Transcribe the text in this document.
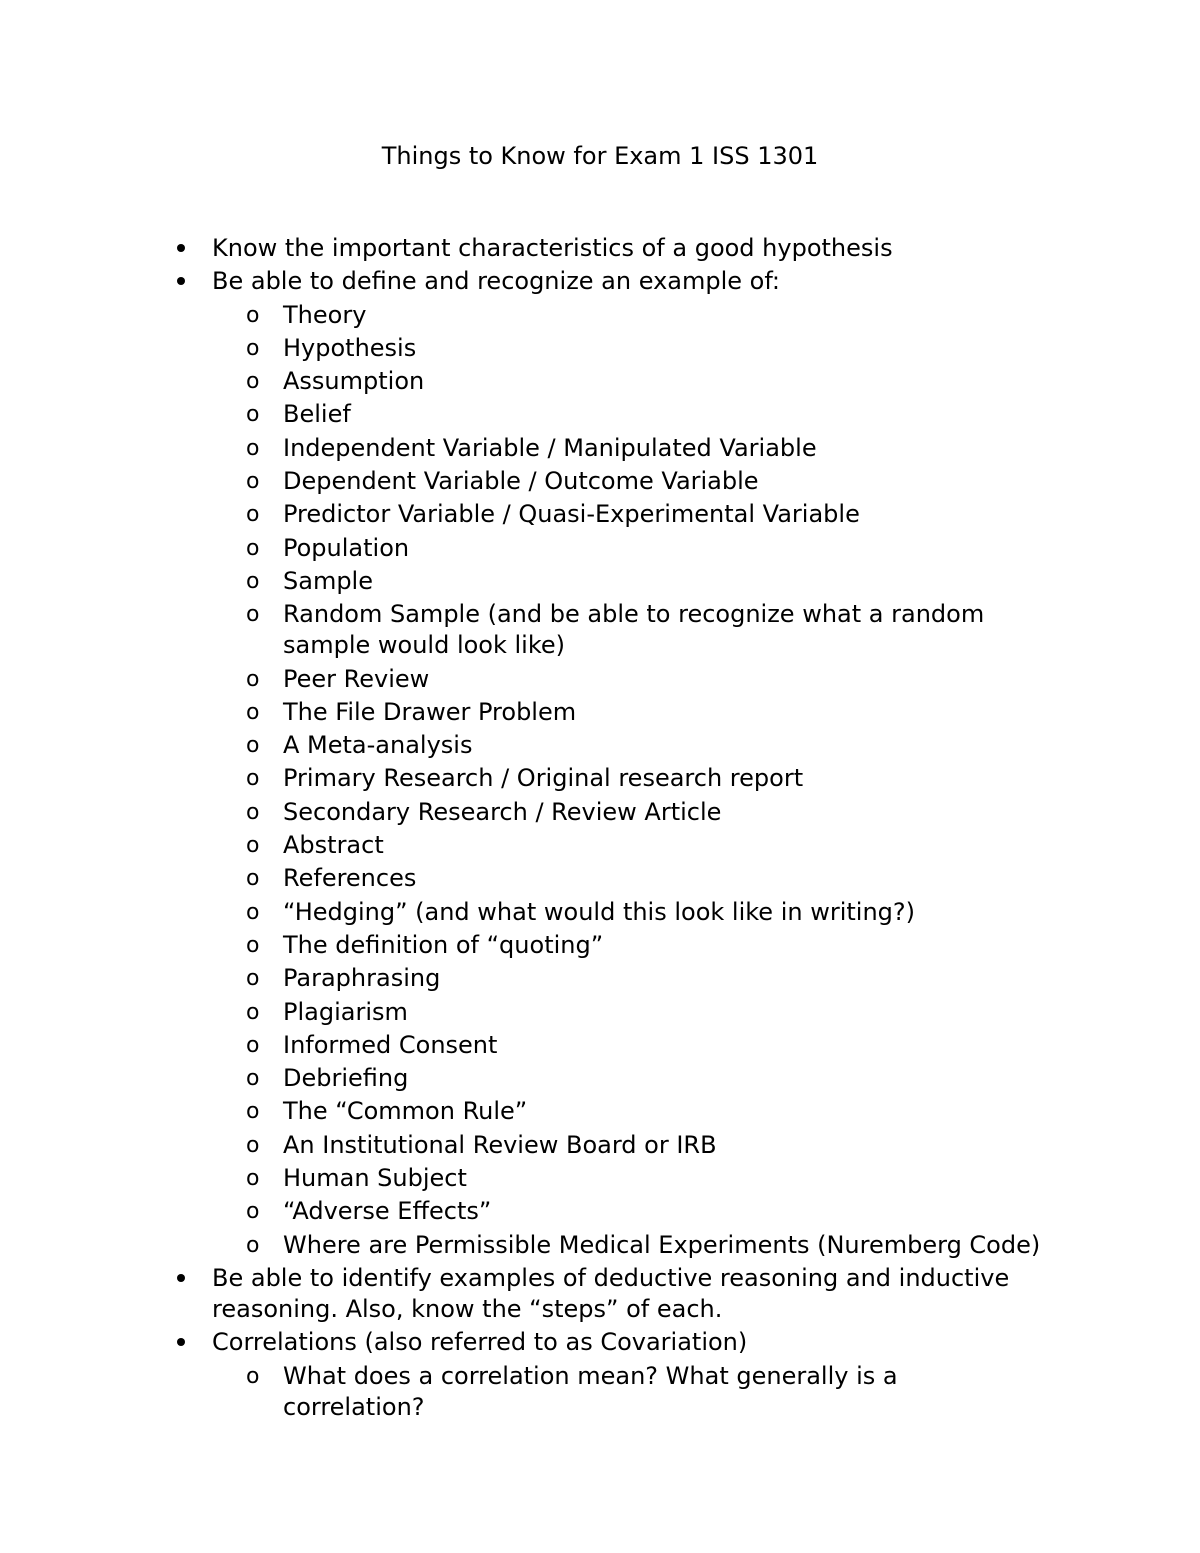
Things to Know for Exam 1 ISS 1301
Know the important characteristics of a good hypothesis
Be able to define and recognize an example of:
o Theory
o Hypothesis
o Assumption
o Belief
o Independent Variable / Manipulated Variable
o Dependent Variable / Outcome Variable
o Predictor Variable / Quasi-Experimental Variable
o Population
o Sample
o Random Sample (and be able to recognize what a random sample would look like)
o Peer Review
o The File Drawer Problem
o A Meta-analysis
o Primary Research / Original research report
o Secondary Research / Review Article
o Abstract
o References
o “Hedging” (and what would this look like in writing?)
o The definition of “quoting”
o Paraphrasing
o Plagiarism
o Informed Consent
o Debriefing
o The “Common Rule”
o An Institutional Review Board or IRB
o Human Subject
o “Adverse Effects”
o Where are Permissible Medical Experiments (Nuremberg Code)
Be able to identify examples of deductive reasoning and inductive reasoning. Also, know the “steps” of each.
Correlations (also referred to as Covariation)
o What does a correlation mean? What generally is a correlation?
